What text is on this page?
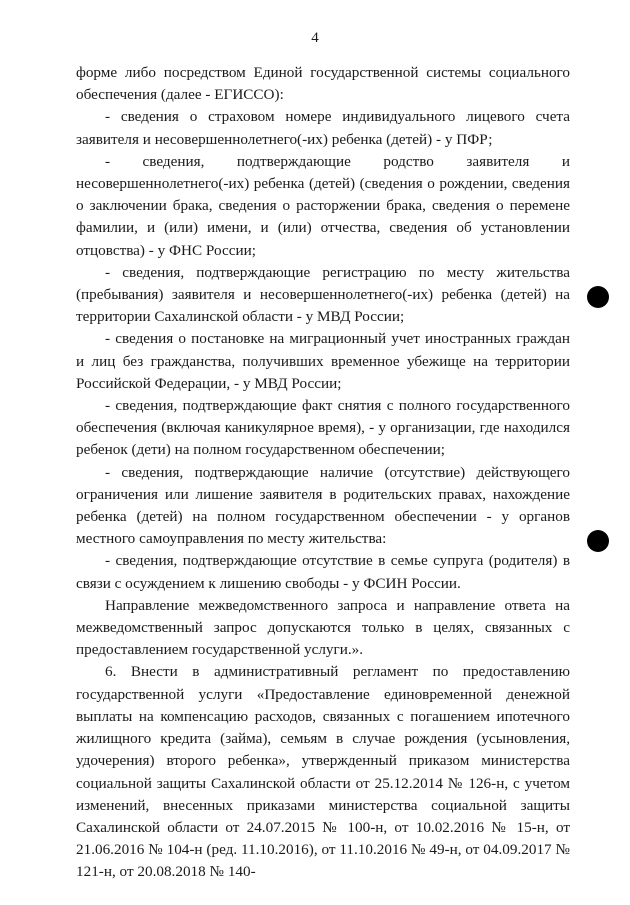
4

форме либо посредством Единой государственной системы социального обеспечения (далее - ЕГИССО):

- сведения о страховом номере индивидуального лицевого счета заявителя и несовершеннолетнего(-их) ребенка (детей) - у ПФР;

- сведения, подтверждающие родство заявителя и несовершеннолетнего(-их) ребенка (детей) (сведения о рождении, сведения о заключении брака, сведения о расторжении брака, сведения о перемене фамилии, и (или) имени, и (или) отчества, сведения об установлении отцовства) - у ФНС России;

- сведения, подтверждающие регистрацию по месту жительства (пребывания) заявителя и несовершеннолетнего(-их) ребенка (детей) на территории Сахалинской области - у МВД России;

- сведения о постановке на миграционный учет иностранных граждан и лиц без гражданства, получивших временное убежище на территории Российской Федерации, - у МВД России;

- сведения, подтверждающие факт снятия с полного государственного обеспечения (включая каникулярное время), - у организации, где находился ребенок (дети) на полном государственном обеспечении;

- сведения, подтверждающие наличие (отсутствие) действующего ограничения или лишение заявителя в родительских правах, нахождение ребенка (детей) на полном государственном обеспечении - у органов местного самоуправления по месту жительства:

- сведения, подтверждающие отсутствие в семье супруга (родителя) в связи с осуждением к лишению свободы - у ФСИН России.

Направление межведомственного запроса и направление ответа на межведомственный запрос допускаются только в целях, связанных с предоставлением государственной услуги.».

6. Внести в административный регламент по предоставлению государственной услуги «Предоставление единовременной денежной выплаты на компенсацию расходов, связанных с погашением ипотечного жилищного кредита (займа), семьям в случае рождения (усыновления, удочерения) второго ребенка», утвержденный приказом министерства социальной защиты Сахалинской области от 25.12.2014 № 126-н, с учетом изменений, внесенных приказами министерства социальной защиты Сахалинской области от 24.07.2015 № 100-н, от 10.02.2016 № 15-н, от 21.06.2016 № 104-н (ред. 11.10.2016), от 11.10.2016 № 49-н, от 04.09.2017 № 121-н, от 20.08.2018 № 140-
